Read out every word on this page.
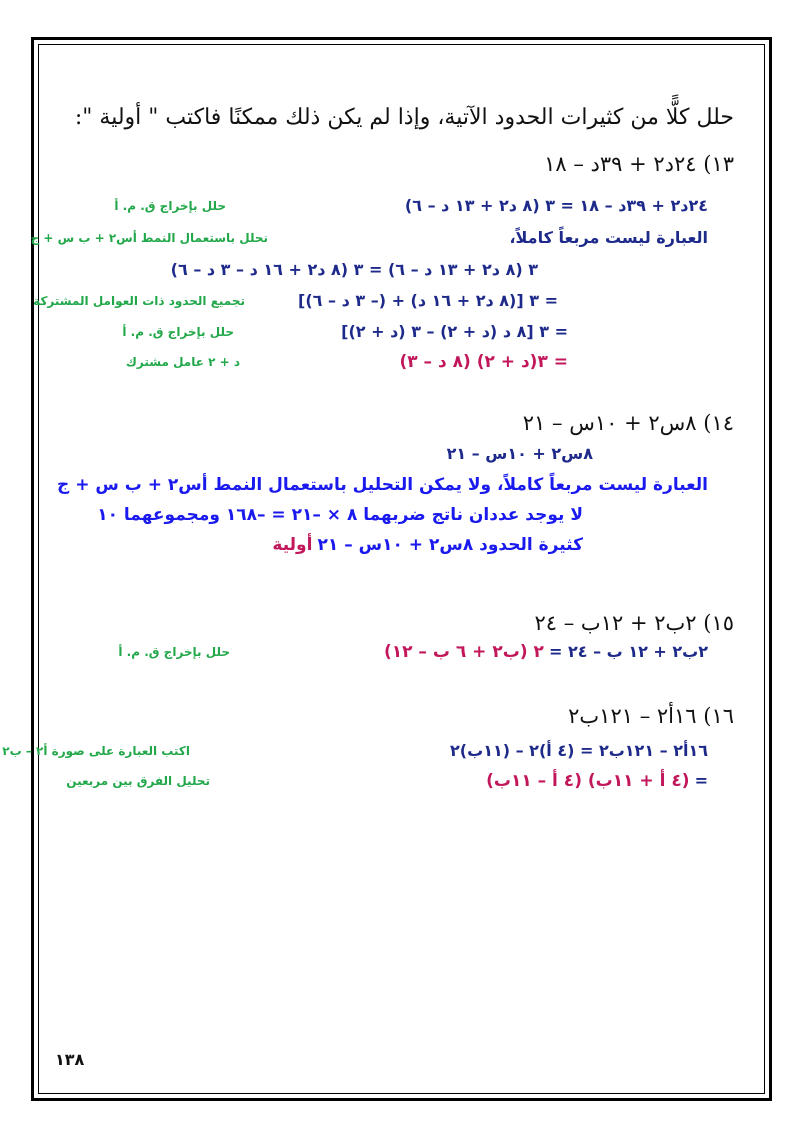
حلل كلًّا من كثيرات الحدود الآتية، وإذا لم يكن ذلك ممكنًا فاكتب " أولية ":
١٣) ٢٤د٢ + ٣٩د – ١٨
٢٤د٢ + ٣٩د – ١٨ = ٣ (٨ د٢ + ١٣ د – ٦)
حلل بإخراج ق. م. أ
العبارة ليست مربعاً كاملاً،
نحلل باستعمال النمط أس٢ + ب س + ج
٣ (٨ د٢ + ١٣ د – ٦) = ٣ (٨ د٢ + ١٦ د – ٣ د – ٦)
= ٣ [(٨ د٢ + ١٦ د) + (– ٣ د – ٦)]
تجميع الحدود ذات العوامل المشتركة
= ٣ [٨ د (د + ٢) – ٣ (د + ٢)]
حلل بإخراج ق. م. أ
= ٣(د + ٢) (٨ د – ٣)
د + ٢ عامل مشترك
١٤) ٨س٢ + ١٠س – ٢١
٨س٢ + ١٠س – ٢١
العبارة ليست مربعاً كاملاً، ولا يمكن التحليل باستعمال النمط أس٢ + ب س + ج
لا يوجد عددان ناتج ضربهما ٨ × –٢١ = –١٦٨ ومجموعهما ١٠
كثيرة الحدود ٨س٢ + ١٠س – ٢١ أولية
١٥) ٢ب٢ + ١٢ب – ٢٤
٢ب٢ + ١٢ ب – ٢٤ = ٢ (ب٢ + ٦ ب – ١٢)
حلل بإخراج ق. م. أ
١٦) ١٦أ٢ – ١٢١ب٢
١٦أ٢ – ١٢١ب٢ = (٤ أ)٢ – (١١ب)٢
اكتب العبارة على صورة أ٢ – ب٢
= (٤ أ + ١١ب) (٤ أ – ١١ب)
تحليل الفرق بين مربعين
١٣٨
